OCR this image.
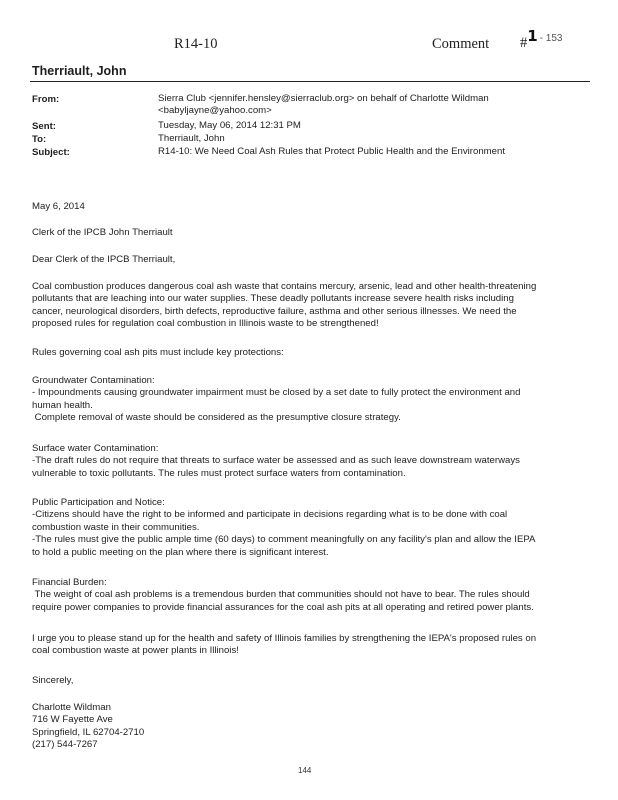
R14-10	Comment #1 $^{- 153}$
Therriault, John
From:	Sierra Club <jennifer.hensley@sierraclub.org> on behalf of Charlotte Wildman
<babyljayne@yahoo.com>
Sent:	Tuesday, May 06, 2014 12:31 PM
To:	Therriault, John
Subject:	R14-10: We Need Coal Ash Rules that Protect Public Health and the Environment
May 6, 2014
Clerk of the IPCB John Therriault
Dear Clerk of the IPCB Therriault,
Coal combustion produces dangerous coal ash waste that contains mercury, arsenic, lead and other health-threatening
pollutants that are leaching into our water supplies. These deadly pollutants increase severe health risks including
cancer, neurological disorders, birth defects, reproductive failure, asthma and other serious illnesses. We need the
proposed rules for regulation coal combustion in Illinois waste to be strengthened!
Rules governing coal ash pits must include key protections:
Groundwater Contamination:
- Impoundments causing groundwater impairment must be closed by a set date to fully protect the environment and
human health.
Complete removal of waste should be considered as the presumptive closure strategy.
Surface water Contamination:
-The draft rules do not require that threats to surface water be assessed and as such leave downstream waterways
vulnerable to toxic pollutants. The rules must protect surface waters from contamination.
Public Participation and Notice:
-Citizens should have the right to be informed and participate in decisions regarding what is to be done with coal
combustion waste in their communities.
-The rules must give the public ample time (60 days) to comment meaningfully on any facility's plan and allow the IEPA
to hold a public meeting on the plan where there is significant interest.
Financial Burden:
The weight of coal ash problems is a tremendous burden that communities should not have to bear. The rules should
require power companies to provide financial assurances for the coal ash pits at all operating and retired power plants.
I urge you to please stand up for the health and safety of Illinois families by strengthening the IEPA's proposed rules on
coal combustion waste at power plants in Illinois!
Sincerely,
Charlotte Wildman
716 W Fayette Ave
Springfield, IL 62704-2710
(217) 544-7267
144
